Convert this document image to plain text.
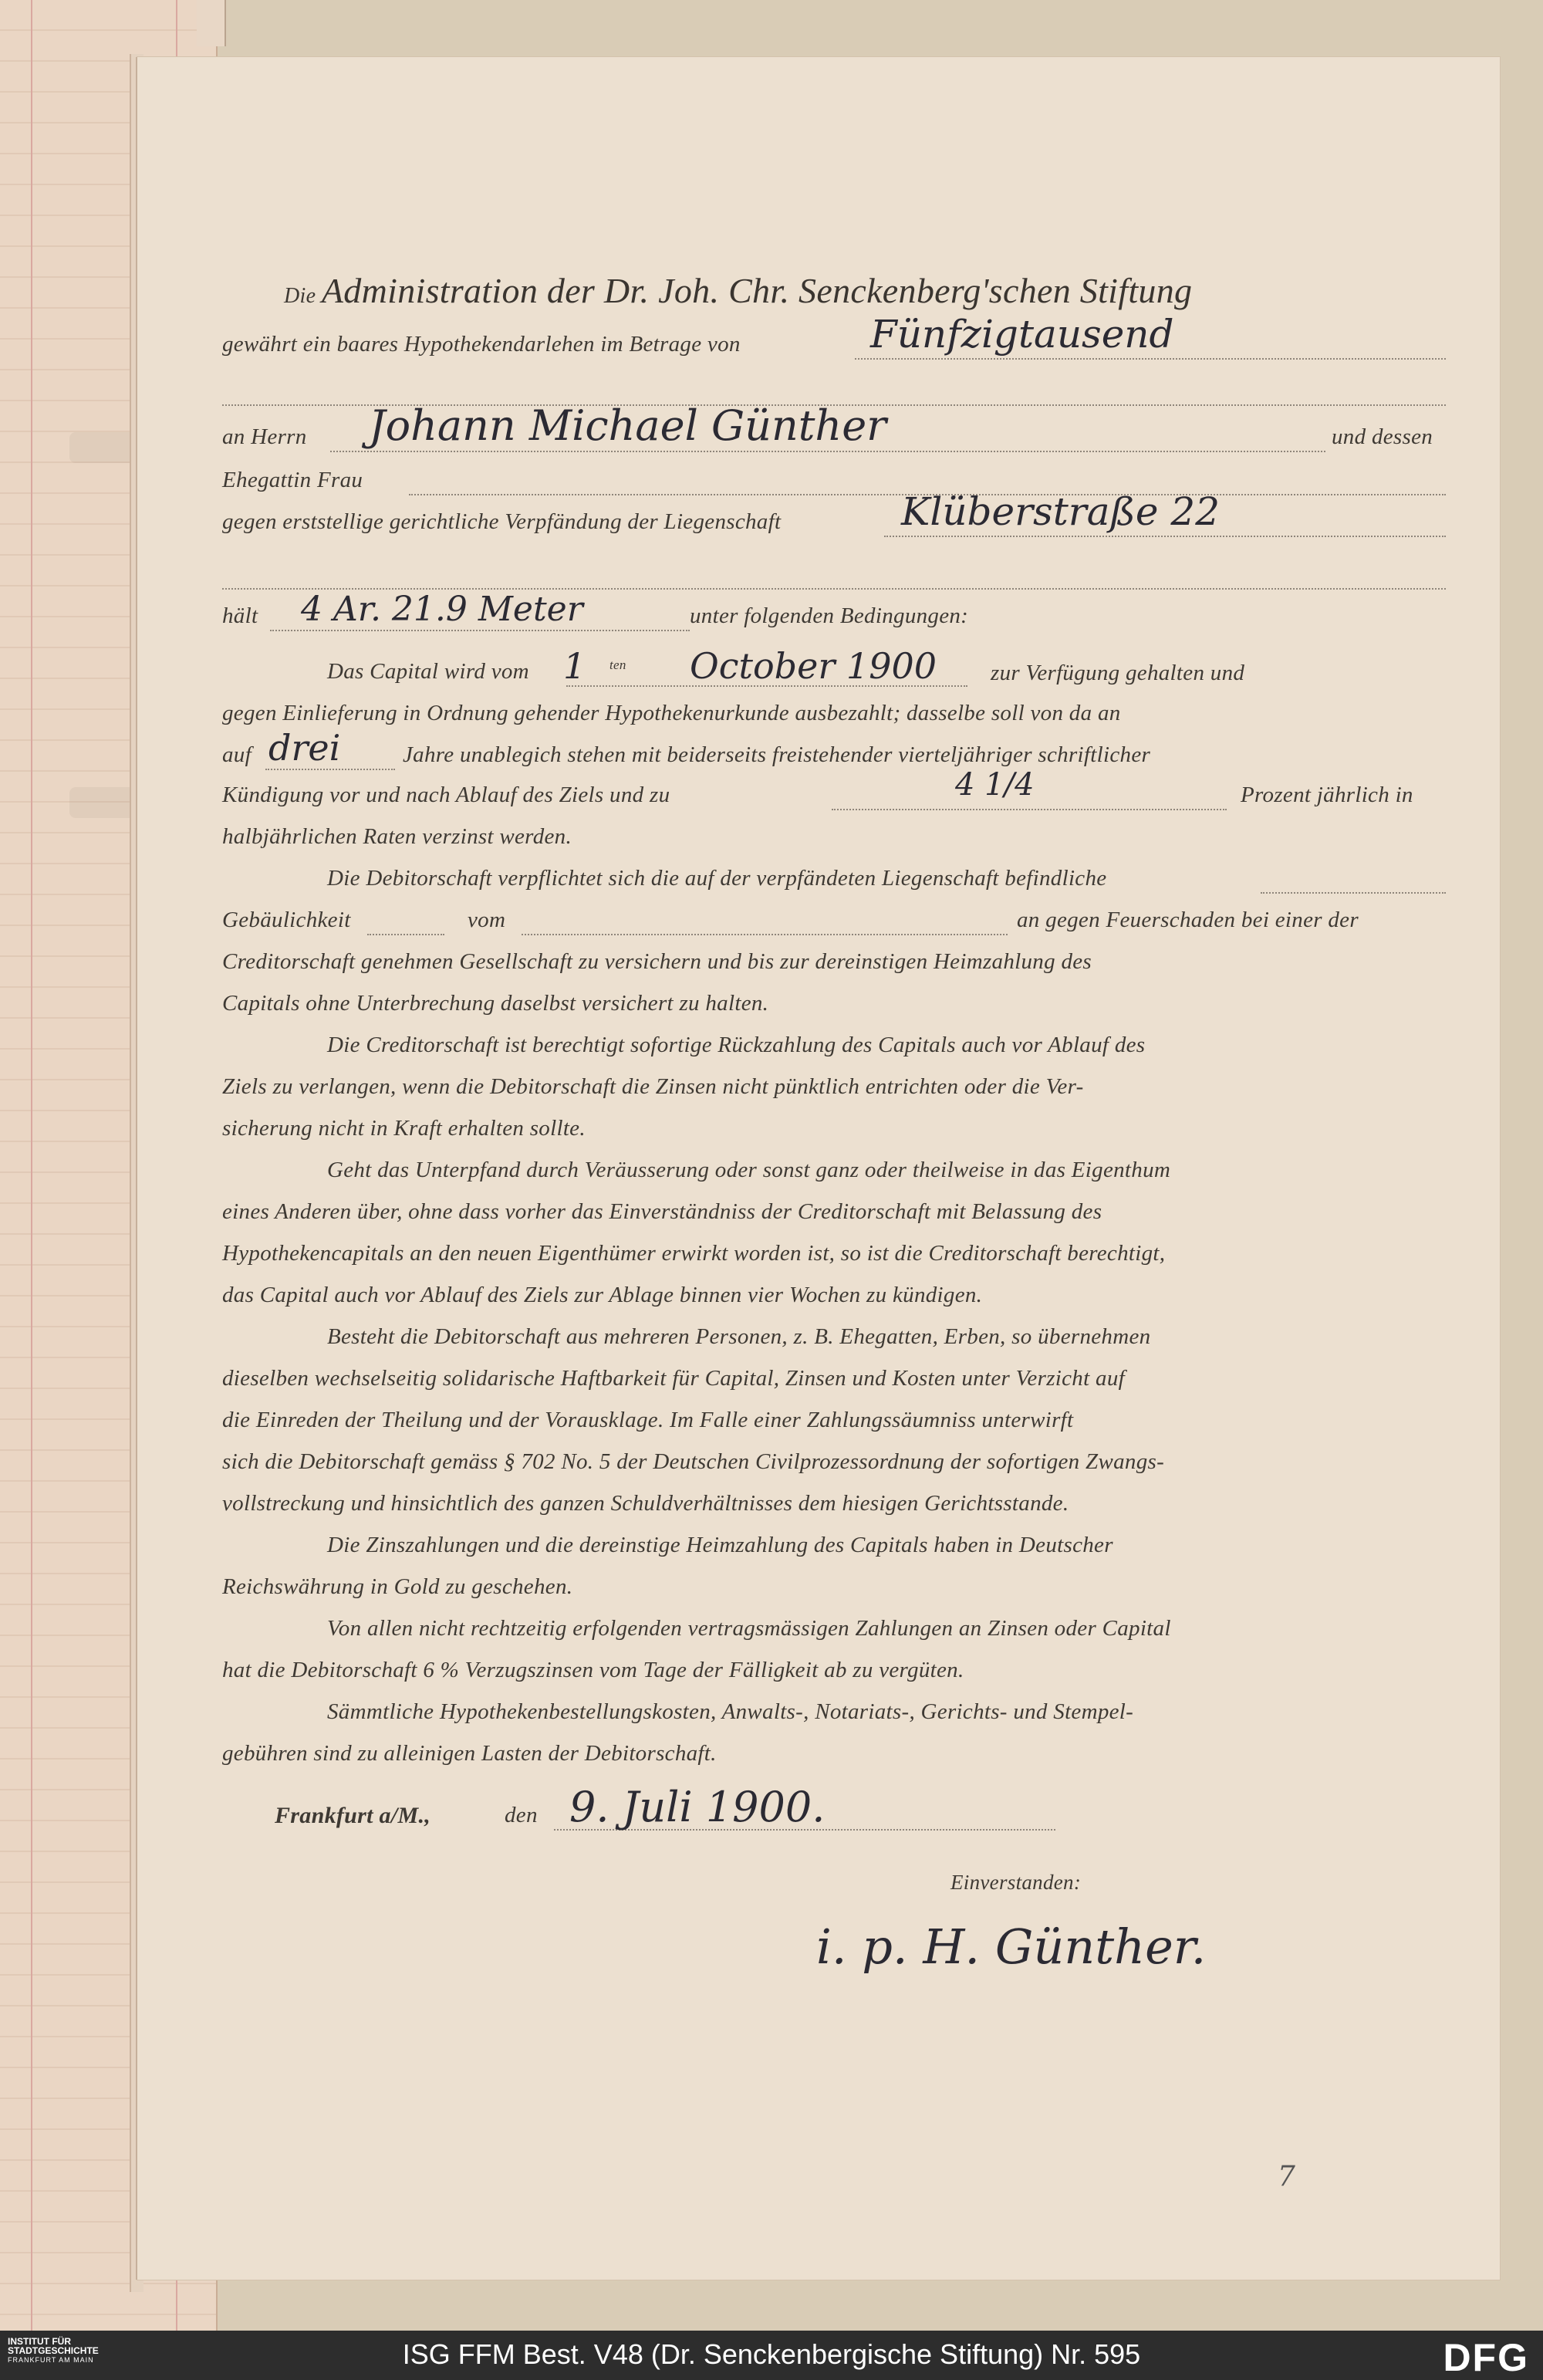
Die Administration der Dr. Joh. Chr. Senckenberg'schen Stiftung
gewährt ein baares Hypothekendarlehen im Betrage von	Fünfzigtausend
an Herrn Johann Michael Günther	und dessen
Ehegattin Frau
gegen erststellige gerichtliche Verpfändung der Liegenschaft	Klüberstraße 22
hält 4 Ar. 21.9 Meter	unter folgenden Bedingungen:
Das Capital wird vom 1 ten October 1900 zur Verfügung gehalten und
gegen Einlieferung in Ordnung gehender Hypothekenurkunde ausbezahlt; dasselbe soll von da an
auf drei	Jahre unablegich stehen mit beiderseits freistehender vierteljähriger schriftlicher
Kündigung vor und nach Ablauf des Ziels und zu	4 1/4	Prozent jährlich in
halbjährlichen Raten verzinst werden.
Die Debitorschaft verpflichtet sich die auf der verpfändeten Liegenschaft befindliche
Gebäulichkeit	vom	an gegen Feuerschaden bei einer der
Creditorschaft genehmen Gesellschaft zu versichern und bis zur dereinstigen Heimzahlung des
Capitals ohne Unterbrechung daselbst versichert zu halten.
Die Creditorschaft ist berechtigt sofortige Rückzahlung des Capitals auch vor Ablauf des
Ziels zu verlangen, wenn die Debitorschaft die Zinsen nicht pünktlich entrichten oder die Ver-
sicherung nicht in Kraft erhalten sollte.
Geht das Unterpfand durch Veräusserung oder sonst ganz oder theilweise in das Eigenthum
eines Anderen über, ohne dass vorher das Einverständniss der Creditorschaft mit Belassung des
Hypothekencapitals an den neuen Eigenthümer erwirkt worden ist, so ist die Creditorschaft berechtigt,
das Capital auch vor Ablauf des Ziels zur Ablage binnen vier Wochen zu kündigen.
Besteht die Debitorschaft aus mehreren Personen, z. B. Ehegatten, Erben, so übernehmen
dieselben wechselseitig solidarische Haftbarkeit für Capital, Zinsen und Kosten unter Verzicht auf
die Einreden der Theilung und der Vorausklage. Im Falle einer Zahlungssäumniss unterwirft
sich die Debitorschaft gemäss § 702 No. 5 der Deutschen Civilprozessordnung der sofortigen Zwangs-
vollstreckung und hinsichtlich des ganzen Schuldverhältnisses dem hiesigen Gerichtsstande.
Die Zinszahlungen und die dereinstige Heimzahlung des Capitals haben in Deutscher
Reichswährung in Gold zu geschehen.
Von allen nicht rechtzeitig erfolgenden vertragsmässigen Zahlungen an Zinsen oder Capital
hat die Debitorschaft 6 % Verzugszinsen vom Tage der Fälligkeit ab zu vergüten.
Sämmtliche Hypothekenbestellungskosten, Anwalts-, Notariats-, Gerichts- und Stempel-
gebühren sind zu alleinigen Lasten der Debitorschaft.
Frankfurt a/M.,	den 9. Juli 1900.
Einverstanden:
i. p. H. Günther.
7
INSTITUT FÜR
STADTGESCHICHTE
FRANKFURT AM MAIN	ISG FFM Best. V48 (Dr. Senckenbergische Stiftung) Nr. 595	DFG
